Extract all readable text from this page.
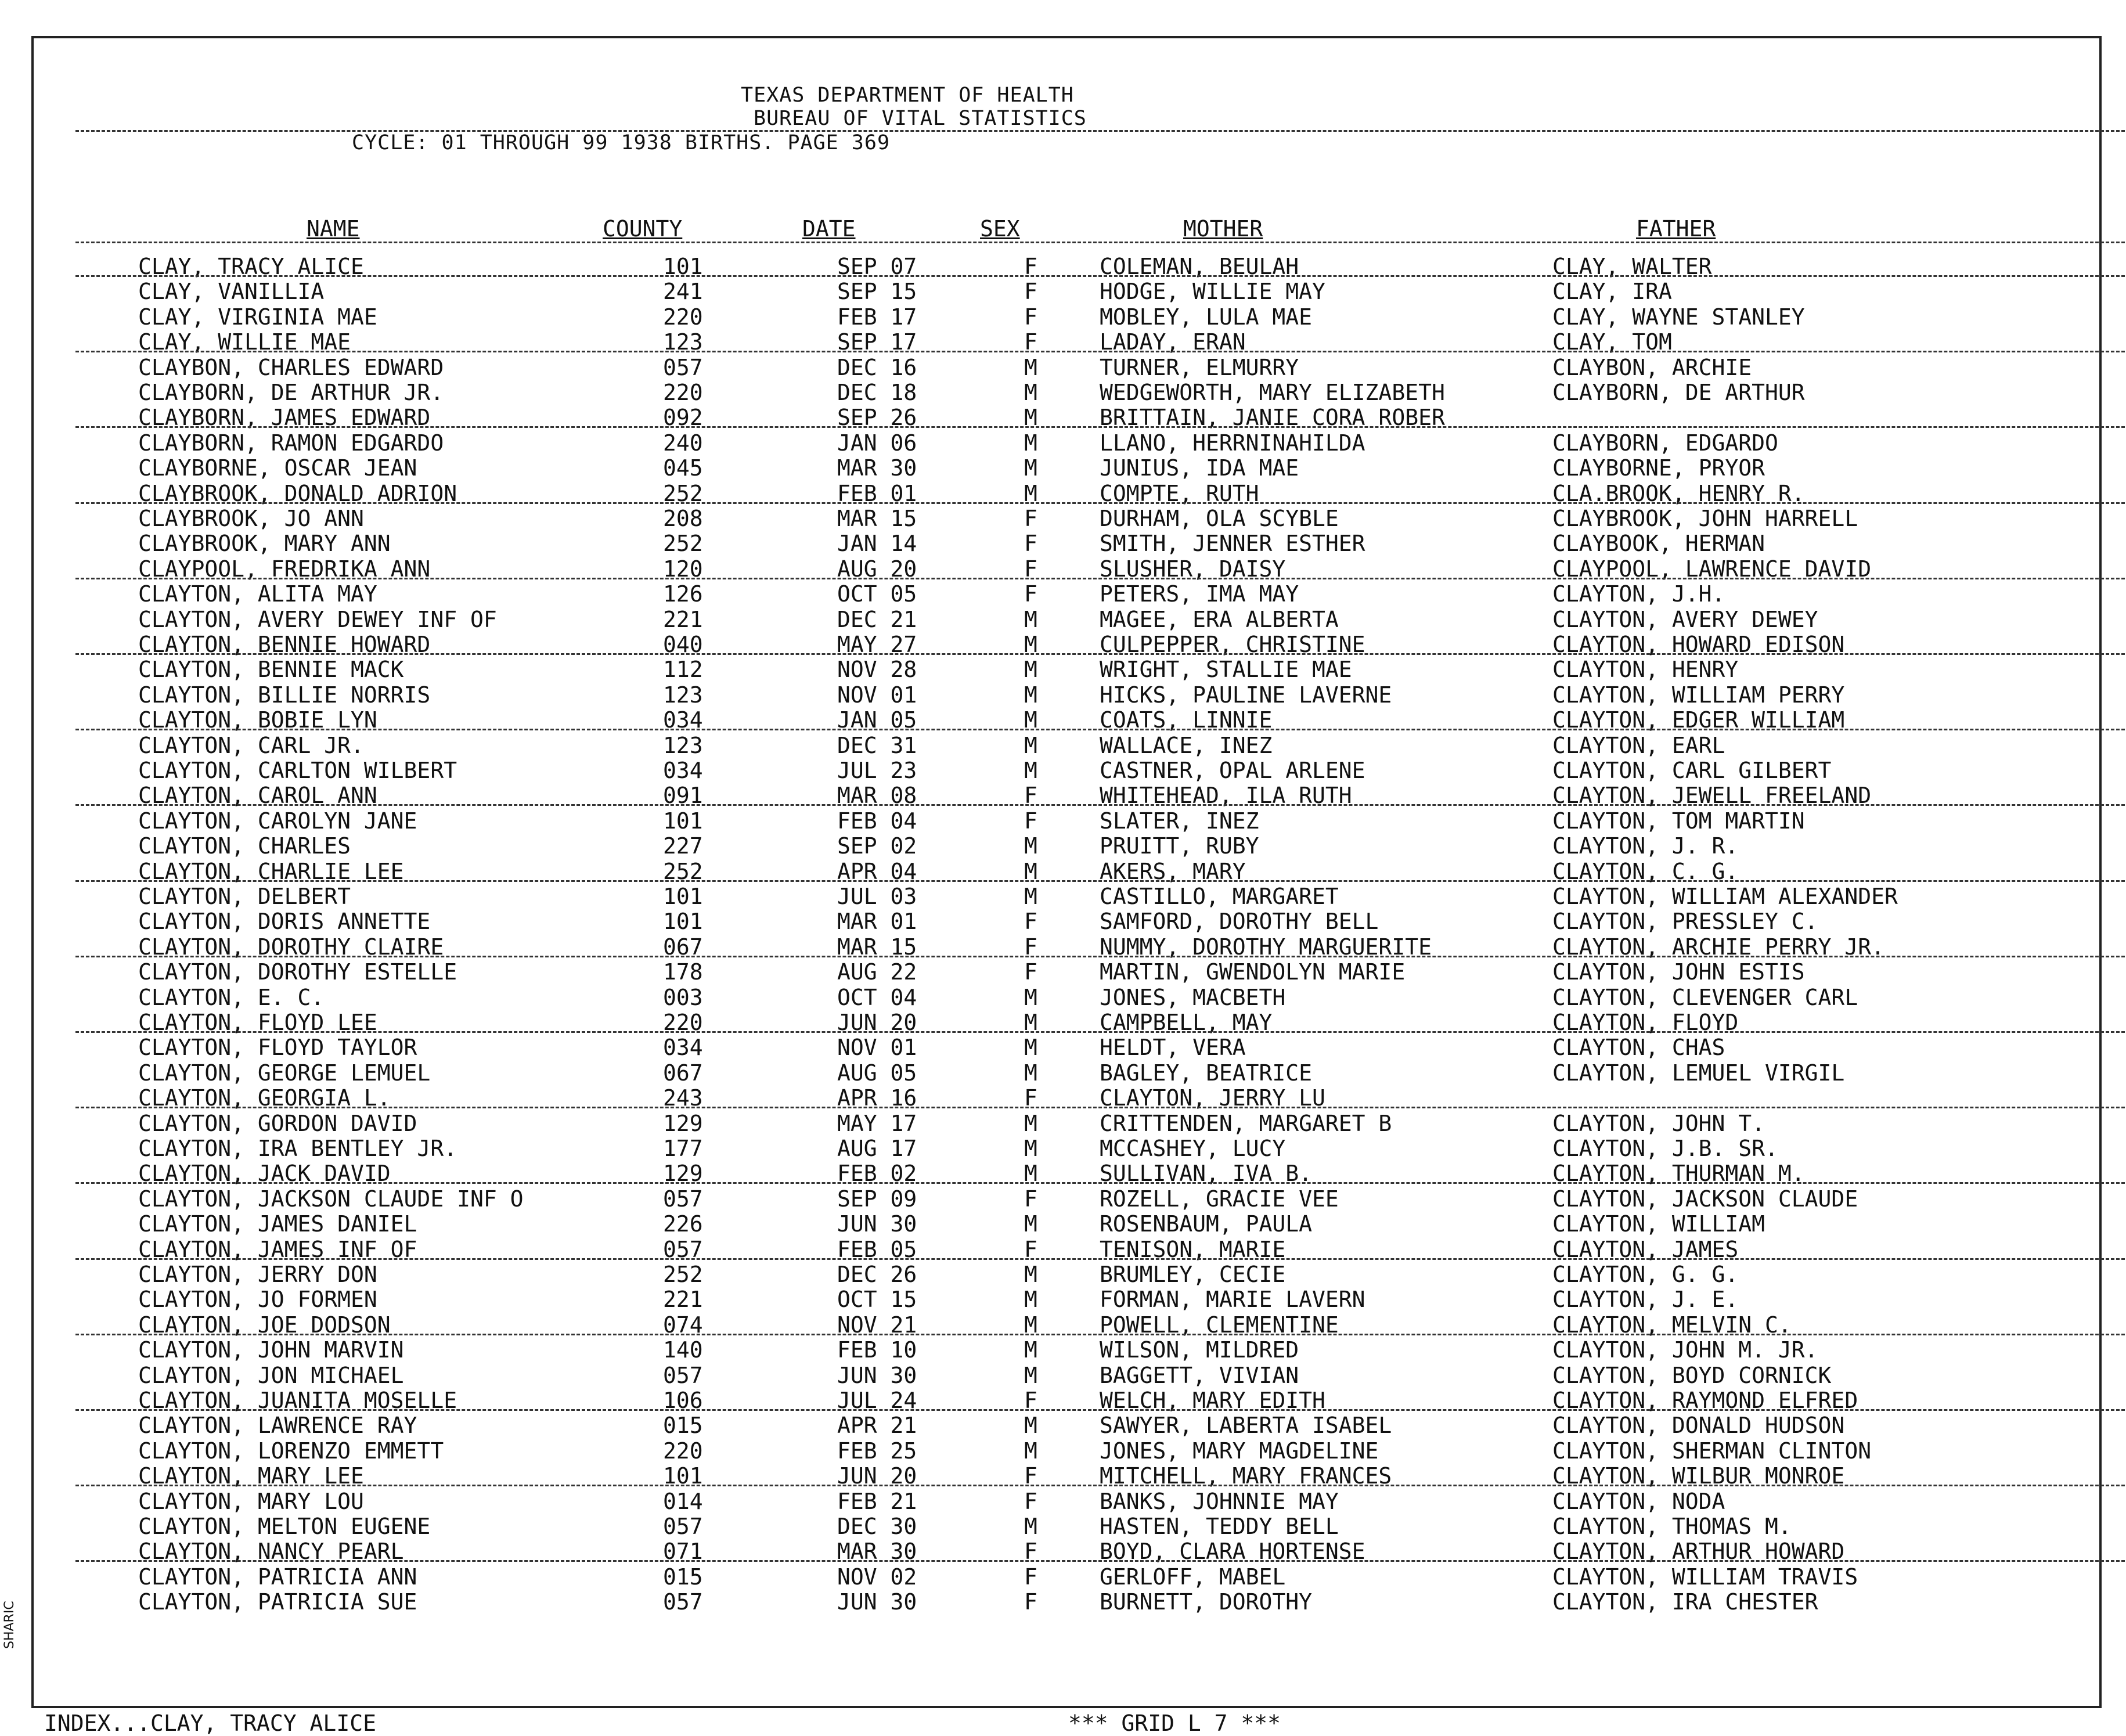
TEXAS DEPARTMENT OF HEALTH
BUREAU OF VITAL STATISTICS
CYCLE: 01 THROUGH 99 1938 BIRTHS. PAGE 369
NAME	COUNTY	DATE	SEX	MOTHER	FATHER
CLAY, TRACY ALICE	101	SEP 07	F	COLEMAN, BEULAH	CLAY, WALTER
CLAY, VANILLIA	241	SEP 15	F	HODGE, WILLIE MAY	CLAY, IRA
CLAY, VIRGINIA MAE	220	FEB 17	F	MOBLEY, LULA MAE	CLAY, WAYNE STANLEY
CLAY, WILLIE MAE	123	SEP 17	F	LADAY, ERAN	CLAY, TOM
CLAYBON, CHARLES EDWARD	057	DEC 16	M	TURNER, ELMURRY	CLAYBON, ARCHIE
CLAYBORN, DE ARTHUR JR.	220	DEC 18	M	WEDGEWORTH, MARY ELIZABETH	CLAYBORN, DE ARTHUR
CLAYBORN, JAMES EDWARD	092	SEP 26	M	BRITTAIN, JANIE CORA ROBER
CLAYBORN, RAMON EDGARDO	240	JAN 06	M	LLANO, HERRNINAHILDA	CLAYBORN, EDGARDO
CLAYBORNE, OSCAR JEAN	045	MAR 30	M	JUNIUS, IDA MAE	CLAYBORNE, PRYOR
CLAYBROOK, DONALD ADRION	252	FEB 01	M	COMPTE, RUTH	CLA.BROOK, HENRY R.
CLAYBROOK, JO ANN	208	MAR 15	F	DURHAM, OLA SCYBLE	CLAYBROOK, JOHN HARRELL
CLAYBROOK, MARY ANN	252	JAN 14	F	SMITH, JENNER ESTHER	CLAYBOOK, HERMAN
CLAYPOOL, FREDRIKA ANN	120	AUG 20	F	SLUSHER, DAISY	CLAYPOOL, LAWRENCE DAVID
CLAYTON, ALITA MAY	126	OCT 05	F	PETERS, IMA MAY	CLAYTON, J.H.
CLAYTON, AVERY DEWEY INF OF	221	DEC 21	M	MAGEE, ERA ALBERTA	CLAYTON, AVERY DEWEY
CLAYTON, BENNIE HOWARD	040	MAY 27	M	CULPEPPER, CHRISTINE	CLAYTON, HOWARD EDISON
CLAYTON, BENNIE MACK	112	NOV 28	M	WRIGHT, STALLIE MAE	CLAYTON, HENRY
CLAYTON, BILLIE NORRIS	123	NOV 01	M	HICKS, PAULINE LAVERNE	CLAYTON, WILLIAM PERRY
CLAYTON, BOBIE LYN	034	JAN 05	M	COATS, LINNIE	CLAYTON, EDGER WILLIAM
CLAYTON, CARL JR.	123	DEC 31	M	WALLACE, INEZ	CLAYTON, EARL
CLAYTON, CARLTON WILBERT	034	JUL 23	M	CASTNER, OPAL ARLENE	CLAYTON, CARL GILBERT
CLAYTON, CAROL ANN	091	MAR 08	F	WHITEHEAD, ILA RUTH	CLAYTON, JEWELL FREELAND
CLAYTON, CAROLYN JANE	101	FEB 04	F	SLATER, INEZ	CLAYTON, TOM MARTIN
CLAYTON, CHARLES	227	SEP 02	M	PRUITT, RUBY	CLAYTON, J. R.
CLAYTON, CHARLIE LEE	252	APR 04	M	AKERS, MARY	CLAYTON, C. G.
CLAYTON, DELBERT	101	JUL 03	M	CASTILLO, MARGARET	CLAYTON, WILLIAM ALEXANDER
CLAYTON, DORIS ANNETTE	101	MAR 01	F	SAMFORD, DOROTHY BELL	CLAYTON, PRESSLEY C.
CLAYTON, DOROTHY CLAIRE	067	MAR 15	F	NUMMY, DOROTHY MARGUERITE	CLAYTON, ARCHIE PERRY JR.
CLAYTON, DOROTHY ESTELLE	178	AUG 22	F	MARTIN, GWENDOLYN MARIE	CLAYTON, JOHN ESTIS
CLAYTON, E. C.	003	OCT 04	M	JONES, MACBETH	CLAYTON, CLEVENGER CARL
CLAYTON, FLOYD LEE	220	JUN 20	M	CAMPBELL, MAY	CLAYTON, FLOYD
CLAYTON, FLOYD TAYLOR	034	NOV 01	M	HELDT, VERA	CLAYTON, CHAS
CLAYTON, GEORGE LEMUEL	067	AUG 05	M	BAGLEY, BEATRICE	CLAYTON, LEMUEL VIRGIL
CLAYTON, GEORGIA L.	243	APR 16	F	CLAYTON, JERRY LU
CLAYTON, GORDON DAVID	129	MAY 17	M	CRITTENDEN, MARGARET B	CLAYTON, JOHN T.
CLAYTON, IRA BENTLEY JR.	177	AUG 17	M	MCCASHEY, LUCY	CLAYTON, J.B. SR.
CLAYTON, JACK DAVID	129	FEB 02	M	SULLIVAN, IVA B.	CLAYTON, THURMAN M.
CLAYTON, JACKSON CLAUDE INF O	057	SEP 09	F	ROZELL, GRACIE VEE	CLAYTON, JACKSON CLAUDE
CLAYTON, JAMES DANIEL	226	JUN 30	M	ROSENBAUM, PAULA	CLAYTON, WILLIAM
CLAYTON, JAMES INF OF	057	FEB 05	F	TENISON, MARIE	CLAYTON, JAMES
CLAYTON, JERRY DON	252	DEC 26	M	BRUMLEY, CECIE	CLAYTON, G. G.
CLAYTON, JO FORMEN	221	OCT 15	M	FORMAN, MARIE LAVERN	CLAYTON, J. E.
CLAYTON, JOE DODSON	074	NOV 21	M	POWELL, CLEMENTINE	CLAYTON, MELVIN C.
CLAYTON, JOHN MARVIN	140	FEB 10	M	WILSON, MILDRED	CLAYTON, JOHN M. JR.
CLAYTON, JON MICHAEL	057	JUN 30	M	BAGGETT, VIVIAN	CLAYTON, BOYD CORNICK
CLAYTON, JUANITA MOSELLE	106	JUL 24	F	WELCH, MARY EDITH	CLAYTON, RAYMOND ELFRED
CLAYTON, LAWRENCE RAY	015	APR 21	M	SAWYER, LABERTA ISABEL	CLAYTON, DONALD HUDSON
CLAYTON, LORENZO EMMETT	220	FEB 25	M	JONES, MARY MAGDELINE	CLAYTON, SHERMAN CLINTON
CLAYTON, MARY LEE	101	JUN 20	F	MITCHELL, MARY FRANCES	CLAYTON, WILBUR MONROE
CLAYTON, MARY LOU	014	FEB 21	F	BANKS, JOHNNIE MAY	CLAYTON, NODA
CLAYTON, MELTON EUGENE	057	DEC 30	M	HASTEN, TEDDY BELL	CLAYTON, THOMAS M.
CLAYTON, NANCY PEARL	071	MAR 30	F	BOYD, CLARA HORTENSE	CLAYTON, ARTHUR HOWARD
CLAYTON, PATRICIA ANN	015	NOV 02	F	GERLOFF, MABEL	CLAYTON, WILLIAM TRAVIS
CLAYTON, PATRICIA SUE	057	JUN 30	F	BURNETT, DOROTHY	CLAYTON, IRA CHESTER
INDEX...CLAY, TRACY ALICE	*** GRID L 7 ***
SHARIC
